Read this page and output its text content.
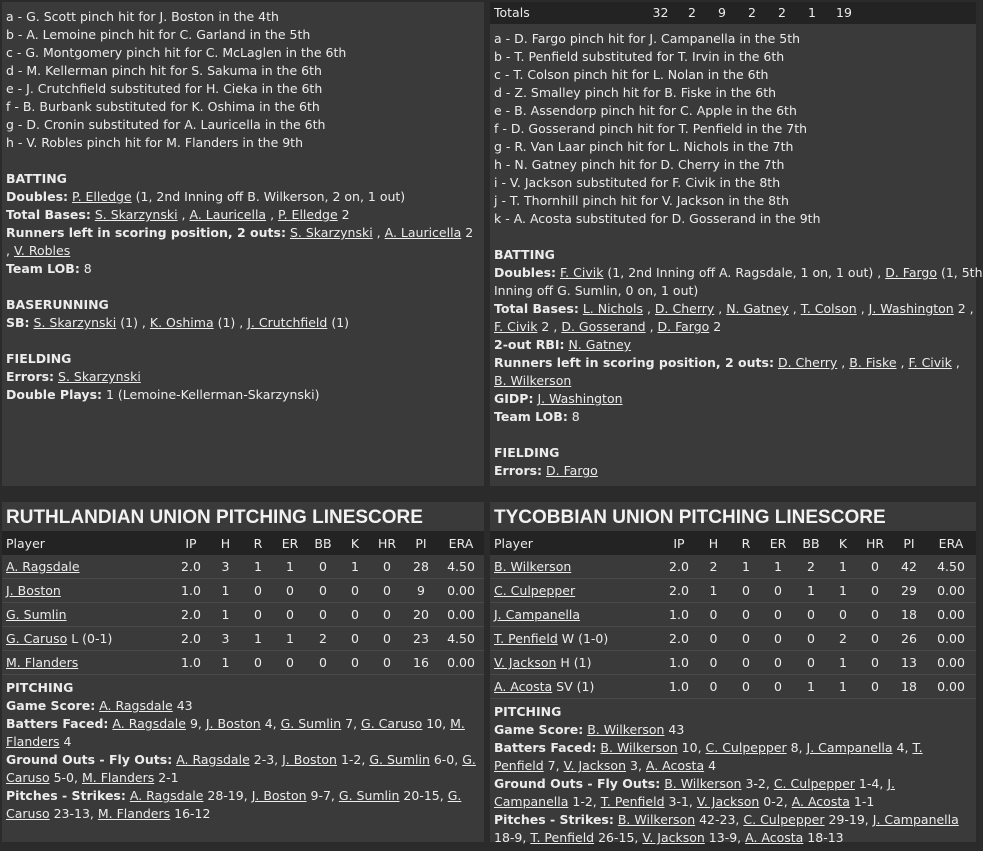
a - G. Scott pinch hit for J. Boston in the 4th
b - A. Lemoine pinch hit for C. Garland in the 5th
c - G. Montgomery pinch hit for C. McLaglen in the 6th
d - M. Kellerman pinch hit for S. Sakuma in the 6th
e - J. Crutchfield substituted for H. Cieka in the 6th
f - B. Burbank substituted for K. Oshima in the 6th
g - D. Cronin substituted for A. Lauricella in the 6th
h - V. Robles pinch hit for M. Flanders in the 9th
BATTING
Doubles: P. Elledge (1, 2nd Inning off B. Wilkerson, 2 on, 1 out)
Total Bases: S. Skarzynski , A. Lauricella , P. Elledge 2
Runners left in scoring position, 2 outs: S. Skarzynski , A. Lauricella 2 , V. Robles
Team LOB: 8
BASERUNNING
SB: S. Skarzynski (1) , K. Oshima (1) , J. Crutchfield (1)
FIELDING
Errors: S. Skarzynski
Double Plays: 1 (Lemoine-Kellerman-Skarzynski)
Totals	32	2	9	2	2	1	19
a - D. Fargo pinch hit for J. Campanella in the 5th
b - T. Penfield substituted for T. Irvin in the 6th
c - T. Colson pinch hit for L. Nolan in the 6th
d - Z. Smalley pinch hit for B. Fiske in the 6th
e - B. Assendorp pinch hit for C. Apple in the 6th
f - D. Gosserand pinch hit for T. Penfield in the 7th
g - R. Van Laar pinch hit for L. Nichols in the 7th
h - N. Gatney pinch hit for D. Cherry in the 7th
i - V. Jackson substituted for F. Civik in the 8th
j - T. Thornhill pinch hit for V. Jackson in the 8th
k - A. Acosta substituted for D. Gosserand in the 9th
BATTING
Doubles: F. Civik (1, 2nd Inning off A. Ragsdale, 1 on, 1 out) , D. Fargo (1, 5th
Inning off G. Sumlin, 0 on, 1 out)
Total Bases: L. Nichols , D. Cherry , N. Gatney , T. Colson , J. Washington 2 ,
F. Civik 2 , D. Gosserand , D. Fargo 2
2-out RBI: N. Gatney
Runners left in scoring position, 2 outs: D. Cherry , B. Fiske , F. Civik ,
B. Wilkerson
GIDP: J. Washington
Team LOB: 8
FIELDING
Errors: D. Fargo
RUTHLANDIAN UNION PITCHING LINESCORE
Player	IP	H	R	ER	BB	K	HR	PI	ERA
A. Ragsdale	2.0	3	1	1	0	1	0	28	4.50
J. Boston	1.0	1	0	0	0	0	0	9	0.00
G. Sumlin	2.0	1	0	0	0	0	0	20	0.00
G. Caruso L (0-1)	2.0	3	1	1	2	0	0	23	4.50
M. Flanders	1.0	1	0	0	0	0	0	16	0.00
PITCHING
Game Score: A. Ragsdale 43
Batters Faced: A. Ragsdale 9, J. Boston 4, G. Sumlin 7, G. Caruso 10, M. Flanders 4
Ground Outs - Fly Outs: A. Ragsdale 2-3, J. Boston 1-2, G. Sumlin 6-0, G. Caruso 5-0, M. Flanders 2-1
Pitches - Strikes: A. Ragsdale 28-19, J. Boston 9-7, G. Sumlin 20-15, G. Caruso 23-13, M. Flanders 16-12
TYCOBBIAN UNION PITCHING LINESCORE
Player	IP	H	R	ER	BB	K	HR	PI	ERA
B. Wilkerson	2.0	2	1	1	2	1	0	42	4.50
C. Culpepper	2.0	1	0	0	1	1	0	29	0.00
J. Campanella	1.0	0	0	0	0	0	0	18	0.00
T. Penfield W (1-0)	2.0	0	0	0	0	2	0	26	0.00
V. Jackson H (1)	1.0	0	0	0	0	1	0	13	0.00
A. Acosta SV (1)	1.0	0	0	0	1	1	0	18	0.00
PITCHING
Game Score: B. Wilkerson 43
Batters Faced: B. Wilkerson 10, C. Culpepper 8, J. Campanella 4, T. Penfield 7, V. Jackson 3, A. Acosta 4
Ground Outs - Fly Outs: B. Wilkerson 3-2, C. Culpepper 1-4, J. Campanella 1-2, T. Penfield 3-1, V. Jackson 0-2, A. Acosta 1-1
Pitches - Strikes: B. Wilkerson 42-23, C. Culpepper 29-19, J. Campanella 18-9, T. Penfield 26-15, V. Jackson 13-9, A. Acosta 18-13
